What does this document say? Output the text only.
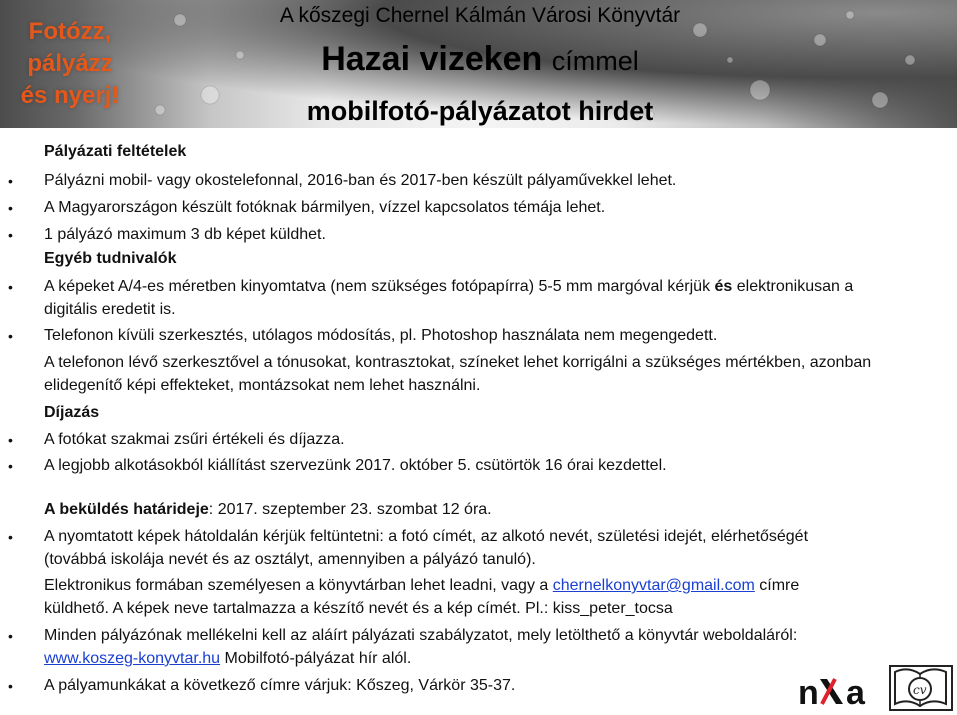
Fotózz,
pályázz
és nyerj!
A kőszegi Chernel Kálmán Városi Könyvtár
Hazai vizeken címmel
mobilfotó-pályázatot hirdet
Pályázati feltételek
• Pályázni mobil- vagy okostelefonnal, 2016-ban és 2017-ben készült pályaművekkel lehet.
• A Magyarországon készült fotóknak bármilyen, vízzel kapcsolatos témája lehet.
• 1 pályázó maximum 3 db képet küldhet.
Egyéb tudnivalók
• A képeket A/4-es méretben kinyomtatva (nem szükséges fotópapírra) 5-5 mm margóval kérjük és elektronikusan a
digitális eredetit is.
• Telefonon kívüli szerkesztés, utólagos módosítás, pl. Photoshop használata nem megengedett.
A telefonon lévő szerkesztővel a tónusokat, kontrasztokat, színeket lehet korrigálni a szükséges mértékben, azonban
elidegenítő képi effekteket, montázsokat nem lehet használni.
Díjazás
• A fotókat szakmai zsűri értékeli és díjazza.
• A legjobb alkotásokból kiállítást szervezünk 2017. október 5. csütörtök 16 órai kezdettel.
A beküldés határideje: 2017. szeptember 23. szombat 12 óra.
• A nyomtatott képek hátoldalán kérjük feltüntetni: a fotó címét, az alkotó nevét, születési idejét, elérhetőségét
(továbbá iskolája nevét és az osztályt, amennyiben a pályázó tanuló).
Elektronikus formában személyesen a könyvtárban lehet leadni, vagy a chernelkonyvtar@gmail.com címre
küldhető. A képek neve tartalmazza a készítő nevét és a kép címét. Pl.: kiss_peter_tocsa
• Minden pályázónak mellékelni kell az aláírt pályázati szabályzatot, mely letölthető a könyvtár weboldaláról:
www.koszeg-konyvtar.hu Mobilfotó-pályázat hír alól.
• A pályamunkákat a következő címre várjuk: Kőszeg, Várkör 35-37.	n a	cv
